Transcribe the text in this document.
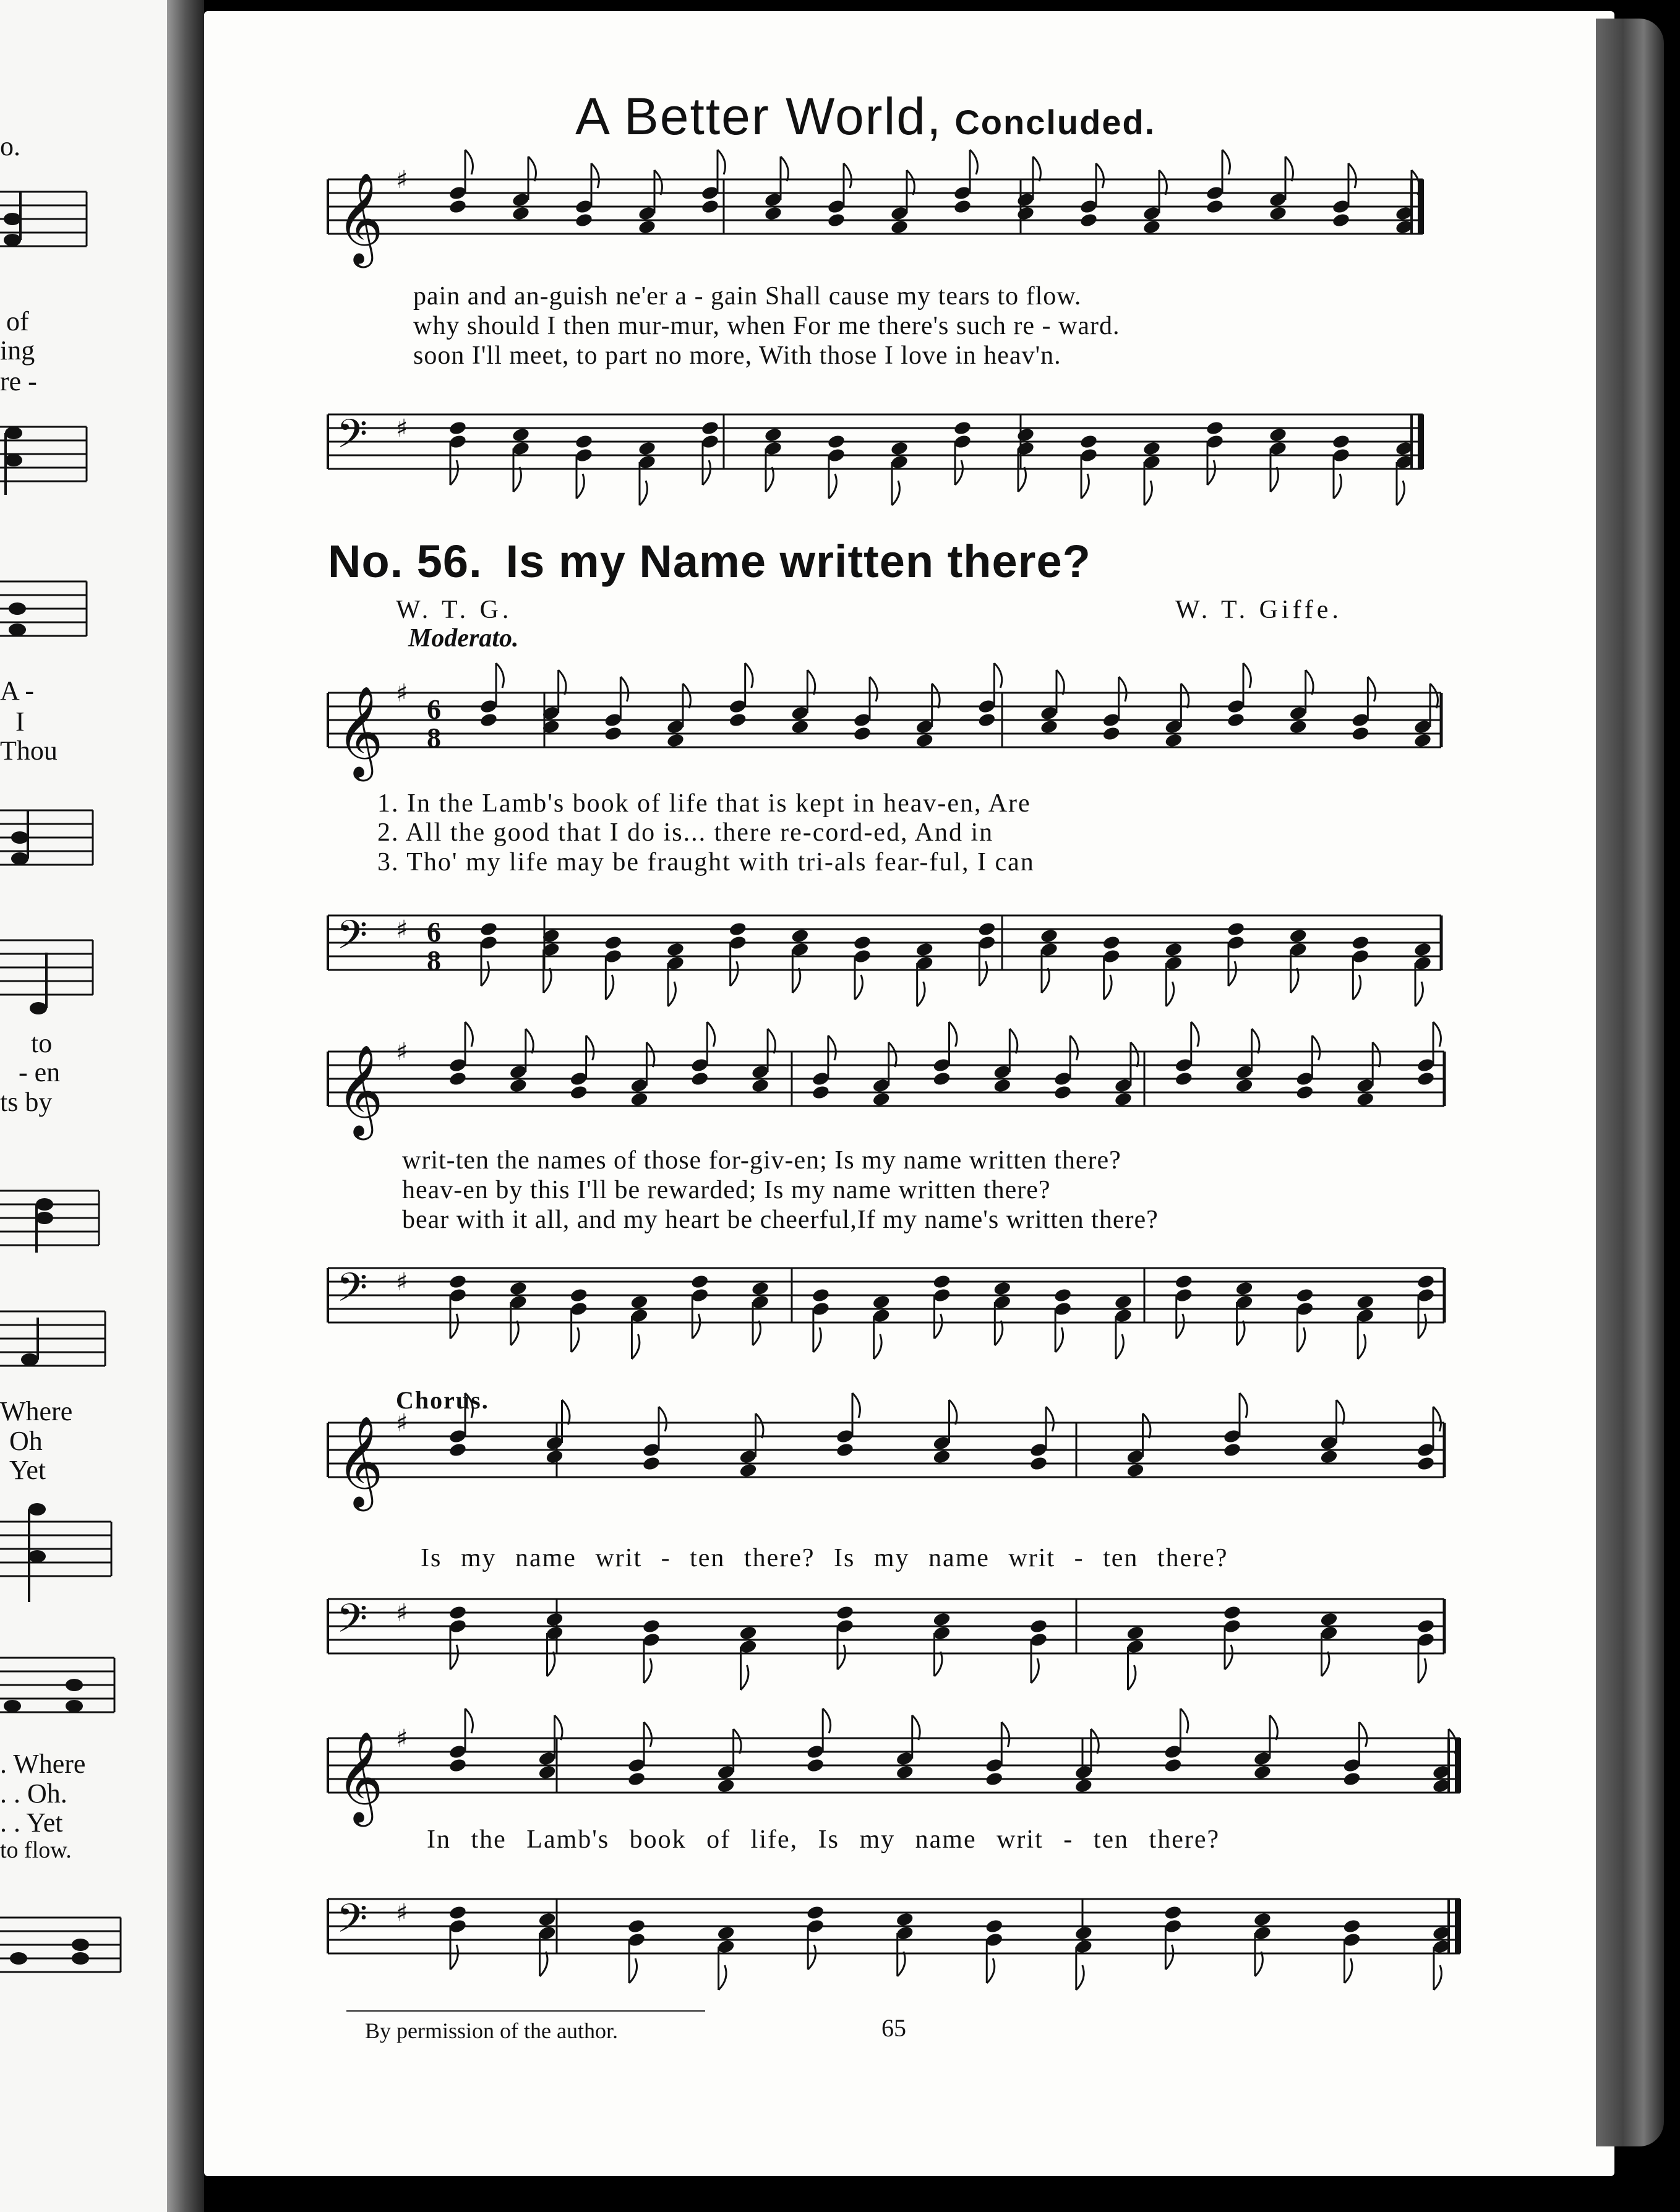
o.
of
ing
re -
A -
I
Thou
to
- en
ts by
Where
Oh
Yet
. Where
. . Oh.
. . Yet
to flow.
A Better World, Concluded.
𝄞 ♯
pain and an-guish ne'er a - gain Shall cause my tears to flow.
why should I then mur-mur, when For me there's such re - ward.
soon I'll meet, to part no more, With those I love in heav'n.
𝄢 ♯
No. 56. Is my Name written there?
W. T. G.	W. T. Giffe.
Moderato.
𝄞 ♯ 6
8
1. In the Lamb's book of life that is kept in heav-en, Are
2. All the good that I do is... there re-cord-ed, And in
3. Tho' my life may be fraught with tri-als fear-ful, I can
𝄢 ♯ 6
8
𝄞 ♯
writ-ten the names of those for-giv-en; Is my name written there?
heav-en by this I'll be rewarded; Is my name written there?
bear with it all, and my heart be cheerful,If my name's written there?
𝄢 ♯
Chorus.
𝄞 ♯
Is my name writ - ten there? Is my name writ - ten there?
𝄢 ♯
𝄞 ♯
In the Lamb's book of life, Is my name writ - ten there?
𝄢 ♯
By permission of the author.	65
